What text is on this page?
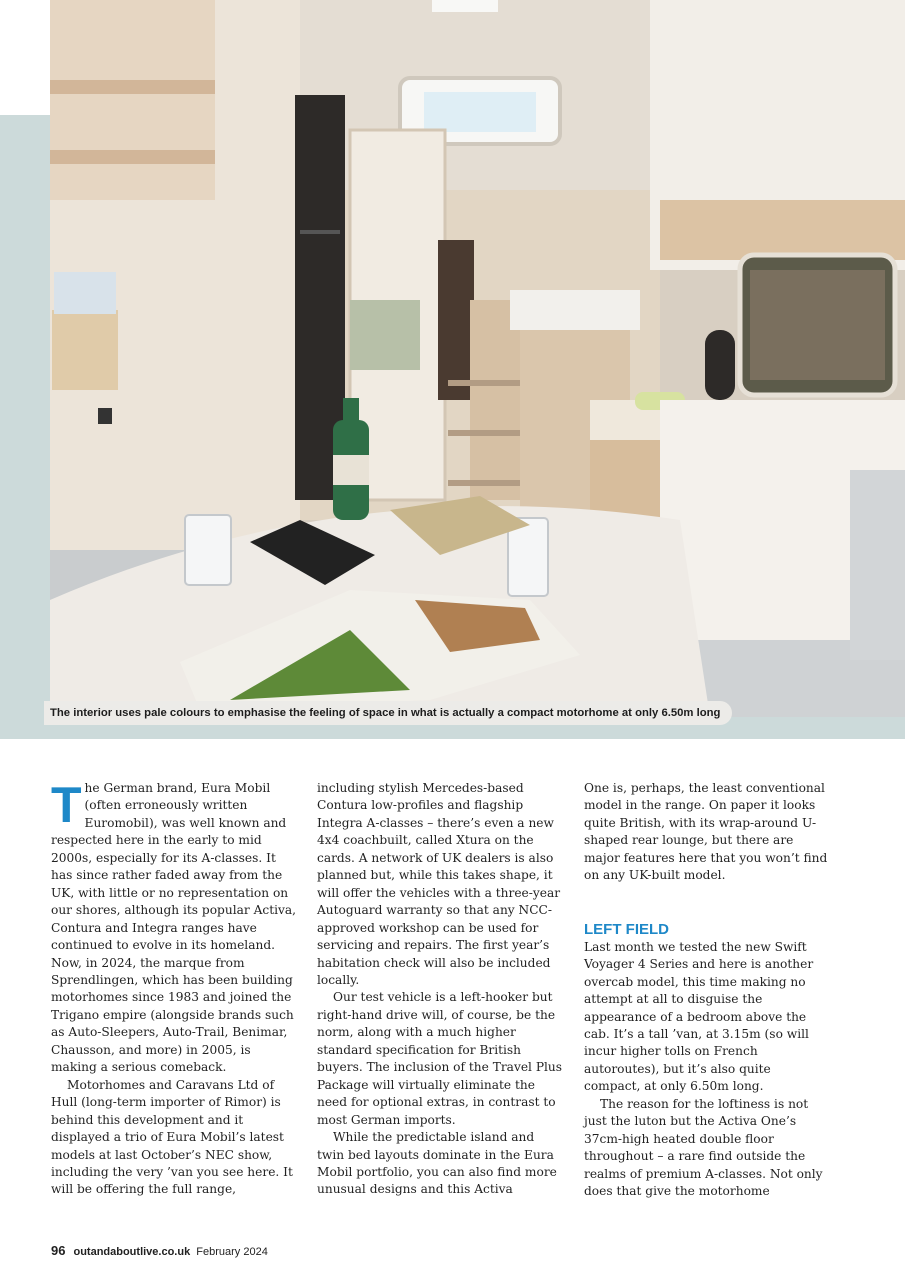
The interior uses pale colours to emphasise the feeling of space in what is actually a compact motorhome at only 6.50m long
T he German brand, Eura Mobil (often erroneously written Euromobil), was well known and respected here in the early to mid 2000s, especially for its A-classes. It has since rather faded away from the UK, with little or no representation on our shores, although its popular Activa, Contura and Integra ranges have continued to evolve in its homeland. Now, in 2024, the marque from Sprendlingen, which has been building motorhomes since 1983 and joined the Trigano empire (alongside brands such as Auto-Sleepers, Auto-Trail, Benimar, Chausson, and more) in 2005, is making a serious comeback.

Motorhomes and Caravans Ltd of Hull (long-term importer of Rimor) is behind this development and it displayed a trio of Eura Mobil’s latest models at last October’s NEC show, including the very ’van you see here. It will be offering the full range,

including stylish Mercedes-based Contura low-profiles and flagship Integra A-classes – there’s even a new 4x4 coachbuilt, called Xtura on the cards. A network of UK dealers is also planned but, while this takes shape, it will offer the vehicles with a three-year Autoguard warranty so that any NCC-approved workshop can be used for servicing and repairs. The first year’s habitation check will also be included locally.

Our test vehicle is a left-hooker but right-hand drive will, of course, be the norm, along with a much higher standard specification for British buyers. The inclusion of the Travel Plus Package will virtually eliminate the need for optional extras, in contrast to most German imports.

While the predictable island and twin bed layouts dominate in the Eura Mobil portfolio, you can also find more unusual designs and this Activa

One is, perhaps, the least conventional model in the range. On paper it looks quite British, with its wrap-around U-shaped rear lounge, but there are major features here that you won’t find on any UK-built model.

LEFT FIELD

Last month we tested the new Swift Voyager 4 Series and here is another overcab model, this time making no attempt at all to disguise the appearance of a bedroom above the cab. It’s a tall ’van, at 3.15m (so will incur higher tolls on French autoroutes), but it’s also quite compact, at only 6.50m long.

The reason for the loftiness is not just the luton but the Activa One’s 37cm-high heated double floor throughout – a rare find outside the realms of premium A-classes. Not only does that give the motorhome

96 outandaboutlive.co.uk February 2024
